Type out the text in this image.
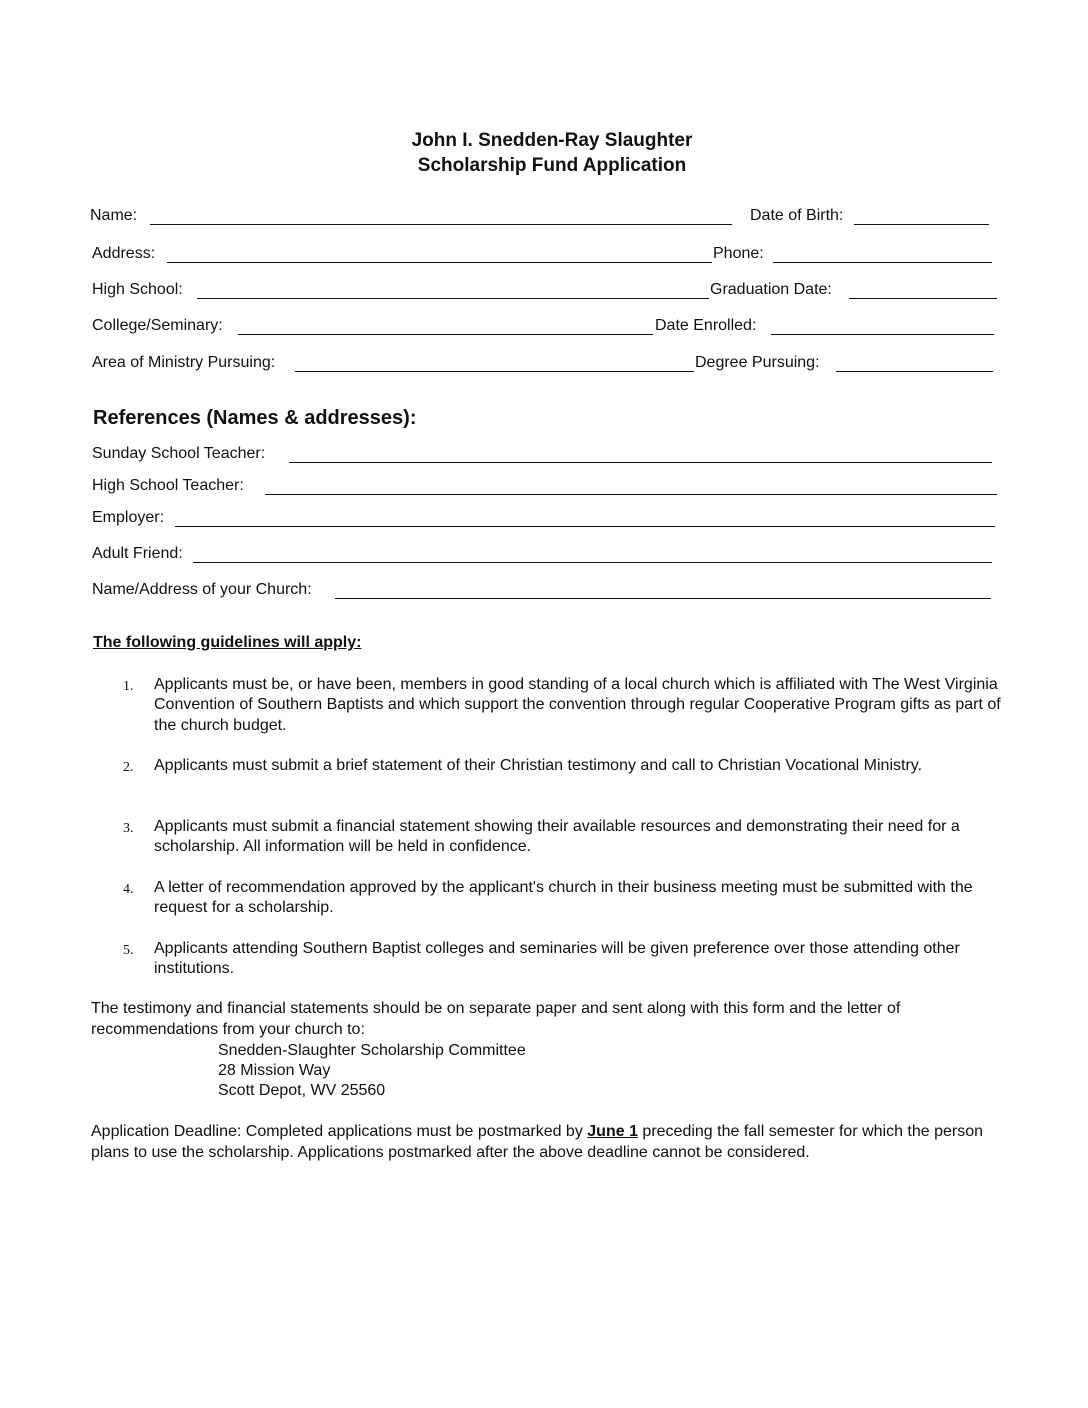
John I. Snedden-Ray Slaughter
Scholarship Fund Application
Name:	Date of Birth:
Address:	Phone:
High School:	Graduation Date:
College/Seminary:	Date Enrolled:
Area of Ministry Pursuing:	Degree Pursuing:
References (Names & addresses):
Sunday School Teacher:
High School Teacher:
Employer:
Adult Friend:
Name/Address of your Church:
The following guidelines will apply:
1. Applicants must be, or have been, members in good standing of a local church which is affiliated with The West Virginia Convention of Southern Baptists and which support the convention through regular Cooperative Program gifts as part of the church budget.
2. Applicants must submit a brief statement of their Christian testimony and call to Christian Vocational Ministry.
3. Applicants must submit a financial statement showing their available resources and demonstrating their need for a scholarship. All information will be held in confidence.
4. A letter of recommendation approved by the applicant's church in their business meeting must be submitted with the request for a scholarship.
5. Applicants attending Southern Baptist colleges and seminaries will be given preference over those attending other institutions.
The testimony and financial statements should be on separate paper and sent along with this form and the letter of recommendations from your church to:
Snedden-Slaughter Scholarship Committee
28 Mission Way
Scott Depot, WV 25560
Application Deadline: Completed applications must be postmarked by June 1 preceding the fall semester for which the person plans to use the scholarship. Applications postmarked after the above deadline cannot be considered.
